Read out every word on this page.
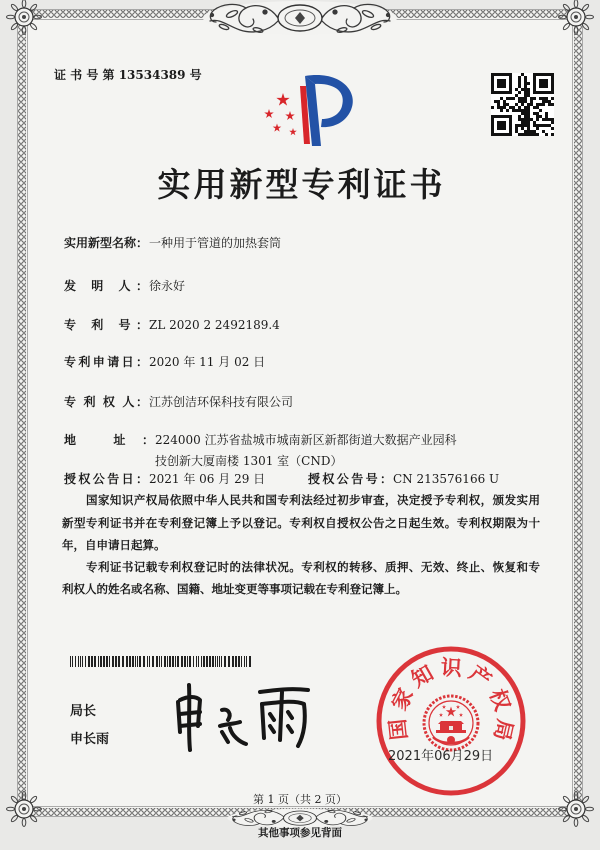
证 书 号 第 13534389 号
实用新型专利证书
实用新型名称：一种用于管道的加热套筒
发 明 人：徐永好
专 利 号：ZL 2020 2 2492189.4
专利申请日：2020 年 11 月 02 日
专 利 权 人：江苏创洁环保科技有限公司
地 址：224000 江苏省盐城市城南新区新都街道大数据产业园科
技创新大厦南楼 1301 室（CND）
授权公告日：2021 年 06 月 29 日	授权公告号：CN 213576166 U
国家知识产权局依照中华人民共和国专利法经过初步审查，决定授予专利权，颁发实用
新型专利证书并在专利登记簿上予以登记。专利权自授权公告之日起生效。专利权期限为十
年，自申请日起算。
专利证书记载专利权登记时的法律状况。专利权的转移、质押、无效、终止、恢复和专
利权人的姓名或名称、国籍、地址变更等事项记载在专利登记簿上。
局长
申长雨	国家知识产权局
2021年06月29日
第 1 页（共 2 页）
其他事项参见背面
